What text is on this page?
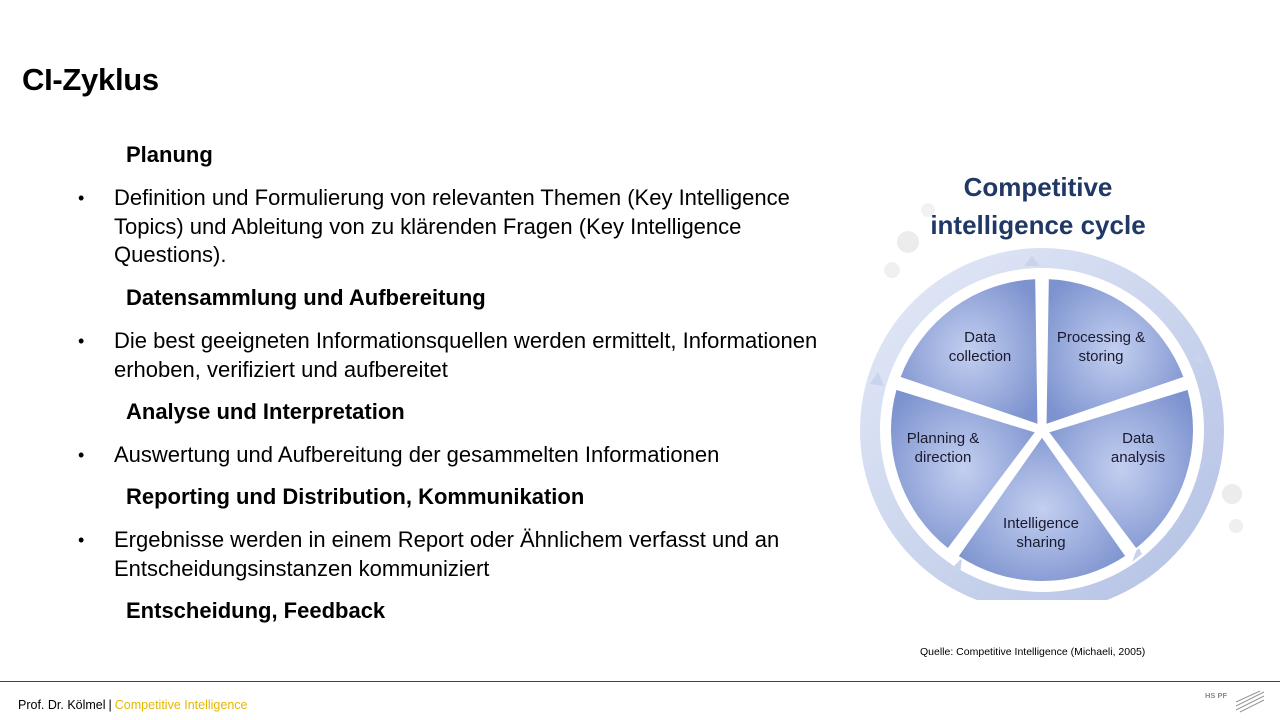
CI-Zyklus
Planung
•	Definition und Formulierung von relevanten Themen (Key Intelligence Topics) und Ableitung von zu klärenden Fragen (Key Intelligence Questions).
Datensammlung und Aufbereitung
•	Die best geeigneten Informationsquellen werden ermittelt, Informationen erhoben, verifiziert und aufbereitet
Analyse und Interpretation
•	Auswertung und Aufbereitung der gesammelten Informationen
Reporting und Distribution, Kommunikation
•	Ergebnisse werden in einem Report oder Ähnlichem verfasst und an Entscheidungsinstanzen kommuniziert
Entscheidung, Feedback
Competitive
intelligence cycle
Data
collection
Processing &
storing
Data
analysis
Intelligence
sharing
Planning &
direction
Quelle: Competitive Intelligence (Michaeli, 2005)
Prof. Dr. Kölmel | Competitive Intelligence
HS PF
